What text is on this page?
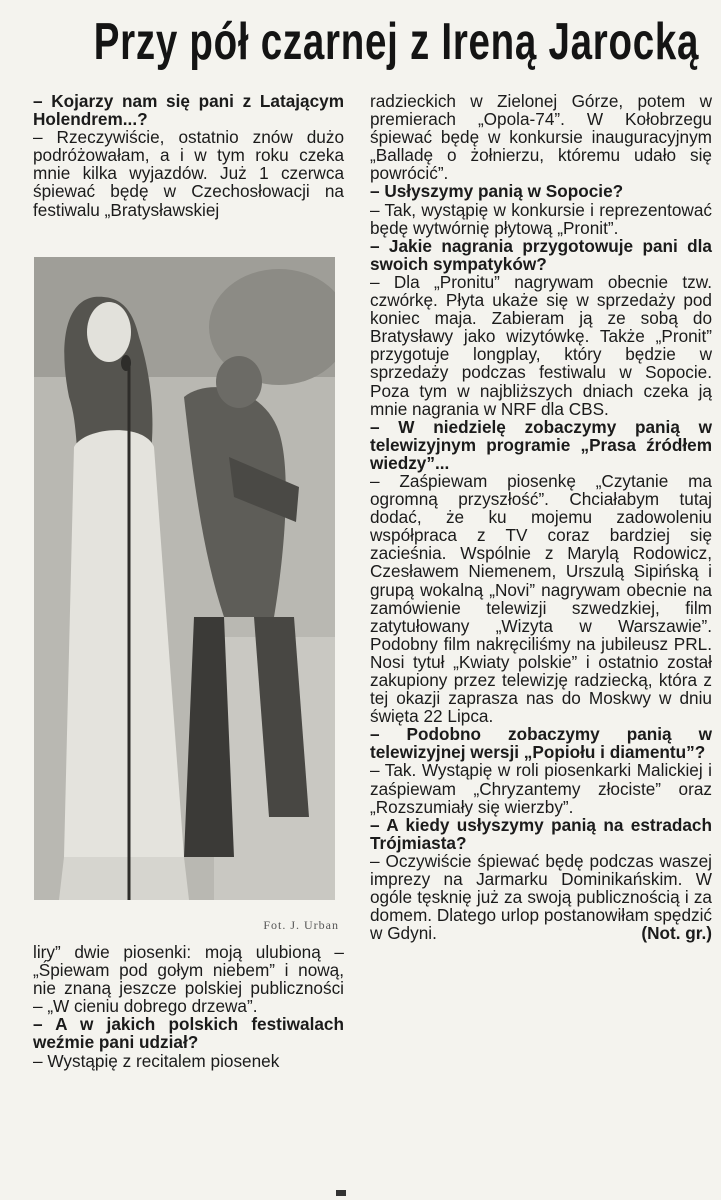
Przy pół czarnej z Ireną Jarocką

– Kojarzy nam się pani z Latającym Holendrem...?

– Rzeczywiście, ostatnio znów dużo podróżowałam, a i w tym roku czeka mnie kilka wyjazdów. Już 1 czerwca śpiewać będę w Czechosłowacji na festiwalu „Bratysławskiej

Fot. J. Urban

liry” dwie piosenki: moją ulubioną – „Śpiewam pod gołym niebem” i nową, nie znaną jeszcze polskiej publiczności – „W cieniu dobrego drzewa”.

– A w jakich polskich festiwalach weźmie pani udział?

– Wystąpię z recitalem piosenek

radzieckich w Zielonej Górze, potem w premierach „Opola-74”. W Kołobrzegu śpiewać będę w konkursie inauguracyjnym „Balladę o żołnierzu, któremu udało się powrócić”.

– Usłyszymy panią w Sopocie?

– Tak, wystąpię w konkursie i reprezentować będę wytwórnię płytową „Pronit”.

– Jakie nagrania przygotowuje pani dla swoich sympatyków?

– Dla „Pronitu” nagrywam obecnie tzw. czwórkę. Płyta ukaże się w sprzedaży pod koniec maja. Zabieram ją ze sobą do Bratysławy jako wizytówkę. Także „Pronit” przygotuje longplay, który będzie w sprzedaży podczas festiwalu w Sopocie. Poza tym w najbliższych dniach czeka ją mnie nagrania w NRF dla CBS.

– W niedzielę zobaczymy panią w telewizyjnym programie „Prasa źródłem wiedzy”...

– Zaśpiewam piosenkę „Czytanie ma ogromną przyszłość”. Chciałabym tutaj dodać, że ku mojemu zadowoleniu współpraca z TV coraz bardziej się zacieśnia. Wspólnie z Marylą Rodowicz, Czesławem Niemenem, Urszulą Sipińską i grupą wokalną „Novi” nagrywam obecnie na zamówienie telewizji szwedzkiej, film zatytułowany „Wizyta w Warszawie”. Podobny film nakręciliśmy na jubileusz PRL. Nosi tytuł „Kwiaty polskie” i ostatnio został zakupiony przez telewizję radziecką, która z tej okazji zaprasza nas do Moskwy w dniu święta 22 Lipca.

– Podobno zobaczymy panią w telewizyjnej wersji „Popiołu i diamentu”?

– Tak. Wystąpię w roli piosenkarki Malickiej i zaśpiewam „Chryzantemy złociste” oraz „Rozszumiały się wierzby”.

– A kiedy usłyszymy panią na estradach Trójmiasta?

– Oczywiście śpiewać będę podczas waszej imprezy na Jarmarku Dominikańskim. W ogóle tęsknię już za swoją publicznością i za domem. Dlatego urlop postanowiłam spędzić w Gdyni.	(Not. gr.)
